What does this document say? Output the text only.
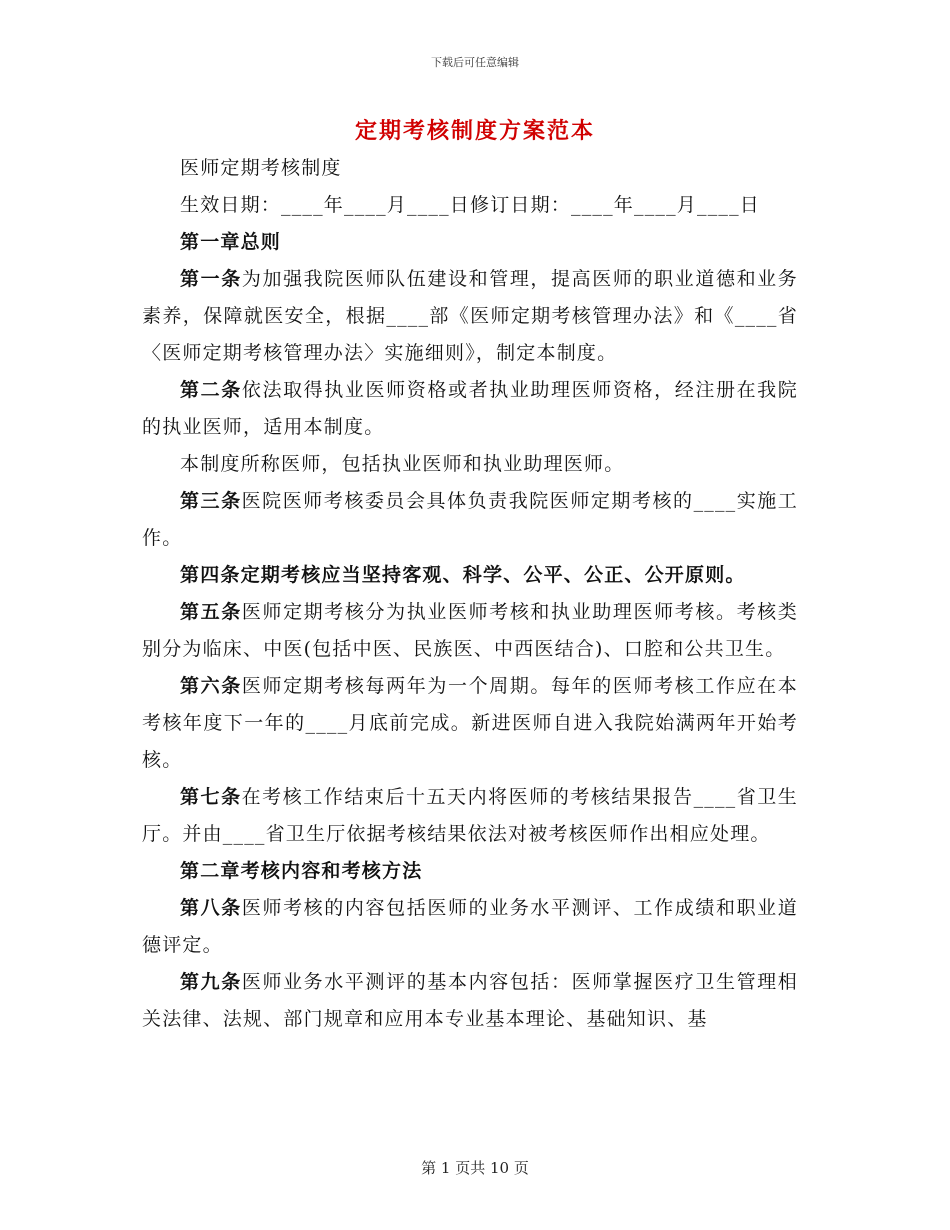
下载后可任意编辑
定期考核制度方案范本

医师定期考核制度

生效日期：____年____月____日修订日期：____年____月____日

第一章总则

第一条为加强我院医师队伍建设和管理，提高医师的职业道德和业务素养，保障就医安全，根据____部《医师定期考核管理办法》和《____省〈医师定期考核管理办法〉实施细则》，制定本制度。

第二条依法取得执业医师资格或者执业助理医师资格，经注册在我院的执业医师，适用本制度。

本制度所称医师，包括执业医师和执业助理医师。

第三条医院医师考核委员会具体负责我院医师定期考核的____实施工作。

第四条定期考核应当坚持客观、科学、公平、公正、公开原则。

第五条医师定期考核分为执业医师考核和执业助理医师考核。考核类别分为临床、中医(包括中医、民族医、中西医结合)、口腔和公共卫生。

第六条医师定期考核每两年为一个周期。每年的医师考核工作应在本考核年度下一年的____月底前完成。新进医师自进入我院始满两年开始考核。

第七条在考核工作结束后十五天内将医师的考核结果报告____省卫生厅。并由____省卫生厅依据考核结果依法对被考核医师作出相应处理。

第二章考核内容和考核方法

第八条医师考核的内容包括医师的业务水平测评、工作成绩和职业道德评定。

第九条医师业务水平测评的基本内容包括：医师掌握医疗卫生管理相关法律、法规、部门规章和应用本专业基本理论、基础知识、基

第 1 页共 10 页
